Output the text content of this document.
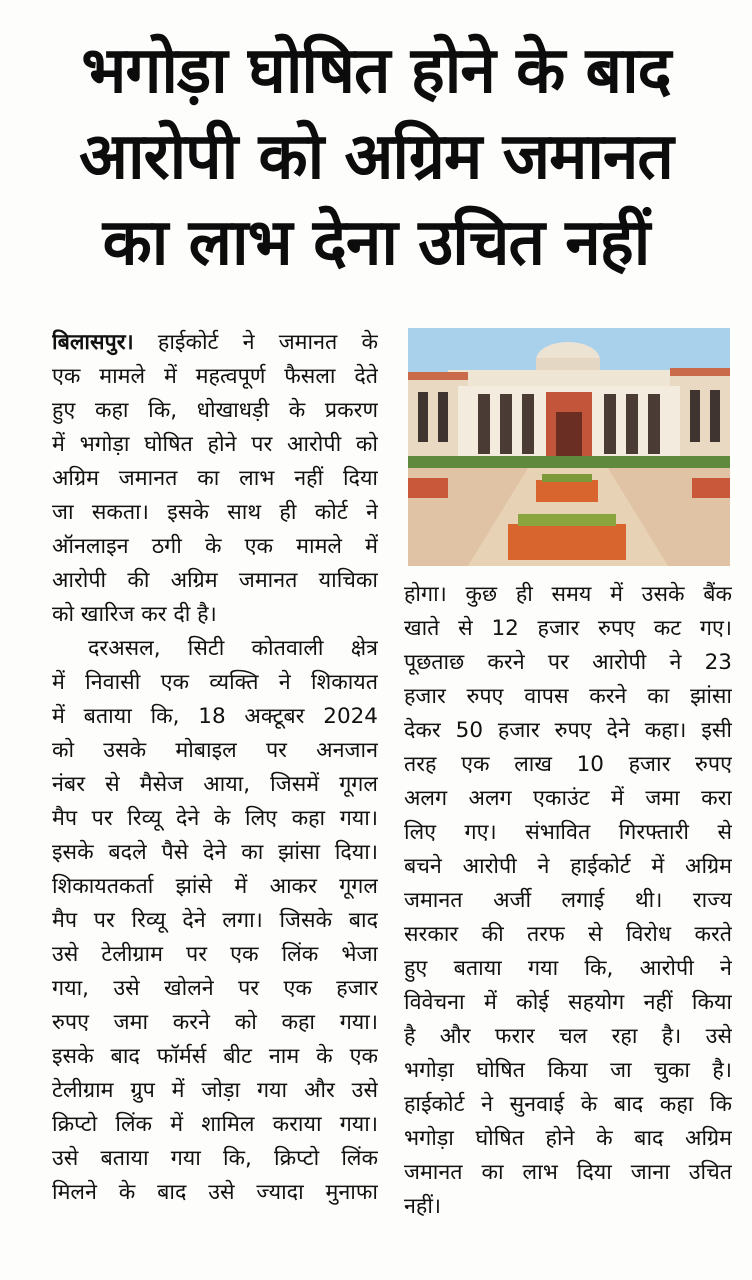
भगोड़ा घोषित होने के बाद
आरोपी को अग्रिम जमानत
का लाभ देना उचित नहीं
बिलासपुर। हाईकोर्ट ने जमानत के
एक मामले में महत्वपूर्ण फैसला देते
हुए कहा कि, धोखाधड़ी के प्रकरण
में भगोड़ा घोषित होने पर आरोपी को
अग्रिम जमानत का लाभ नहीं दिया
जा सकता। इसके साथ ही कोर्ट ने
ऑनलाइन ठगी के एक मामले में
आरोपी की अग्रिम जमानत याचिका
को खारिज कर दी है।
दरअसल, सिटी कोतवाली क्षेत्र
में निवासी एक व्यक्ति ने शिकायत
में बताया कि, 18 अक्टूबर 2024
को उसके मोबाइल पर अनजान
नंबर से मैसेज आया, जिसमें गूगल
मैप पर रिव्यू देने के लिए कहा गया।
इसके बदले पैसे देने का झांसा दिया।
शिकायतकर्ता झांसे में आकर गूगल
मैप पर रिव्यू देने लगा। जिसके बाद
उसे टेलीग्राम पर एक लिंक भेजा
गया, उसे खोलने पर एक हजार
रुपए जमा करने को कहा गया।
इसके बाद फॉर्मर्स बीट नाम के एक
टेलीग्राम ग्रुप में जोड़ा गया और उसे
क्रिप्टो लिंक में शामिल कराया गया।
उसे बताया गया कि, क्रिप्टो लिंक
मिलने के बाद उसे ज्यादा मुनाफा
होगा। कुछ ही समय में उसके बैंक
खाते से 12 हजार रुपए कट गए।
पूछताछ करने पर आरोपी ने 23
हजार रुपए वापस करने का झांसा
देकर 50 हजार रुपए देने कहा। इसी
तरह एक लाख 10 हजार रुपए
अलग अलग एकाउंट में जमा करा
लिए गए। संभावित गिरफ्तारी से
बचने आरोपी ने हाईकोर्ट में अग्रिम
जमानत अर्जी लगाई थी। राज्य
सरकार की तरफ से विरोध करते
हुए बताया गया कि, आरोपी ने
विवेचना में कोई सहयोग नहीं किया
है और फरार चल रहा है। उसे
भगोड़ा घोषित किया जा चुका है।
हाईकोर्ट ने सुनवाई के बाद कहा कि
भगोड़ा घोषित होने के बाद अग्रिम
जमानत का लाभ दिया जाना उचित
नहीं।
